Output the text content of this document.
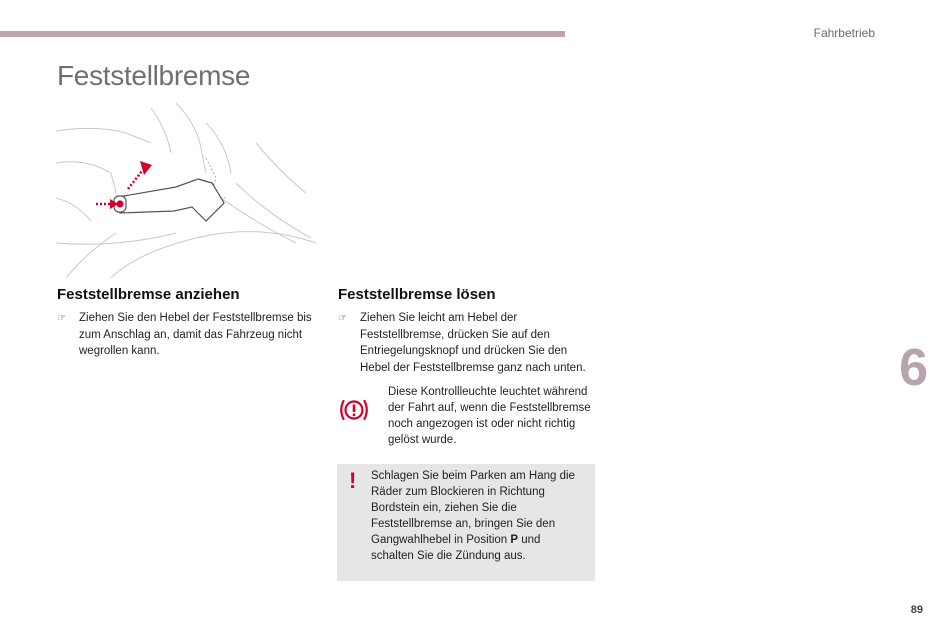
Fahrbetrieb
Feststellbremse
Feststellbremse anziehen
☞	Ziehen Sie den Hebel der Feststellbremse bis zum Anschlag an, damit das Fahrzeug nicht wegrollen kann.
Feststellbremse lösen
☞	Ziehen Sie leicht am Hebel der Feststellbremse, drücken Sie auf den Entriegelungsknopf und drücken Sie den Hebel der Feststellbremse ganz nach unten.
Diese Kontrollleuchte leuchtet während der Fahrt auf, wenn die Feststellbremse noch angezogen ist oder nicht richtig gelöst wurde.
! Schlagen Sie beim Parken am Hang die Räder zum Blockieren in Richtung Bordstein ein, ziehen Sie die Feststellbremse an, bringen Sie den Gangwahlhebel in Position P und schalten Sie die Zündung aus.
6
89
